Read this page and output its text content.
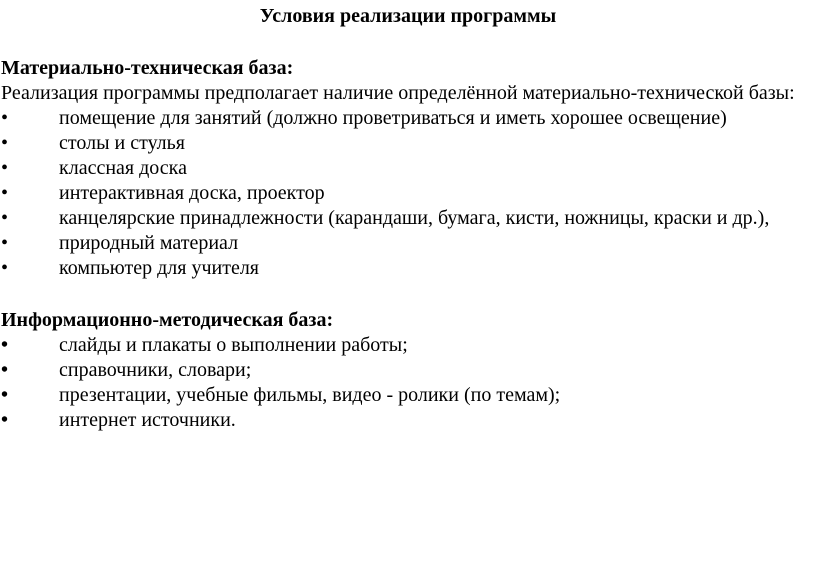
Условия реализации программы
Материально-техническая база:

Реализация программы предполагает наличие определённой материально-технической базы:

•	помещение для занятий (должно проветриваться и иметь хорошее освещение)
•	столы и стулья
•	классная доска
•	интерактивная доска, проектор
•	канцелярские принадлежности (карандаши, бумага, кисти, ножницы, краски и др.),
•	природный материал
•	компьютер для учителя
Информационно-методическая база:
•	слайды и плакаты о выполнении работы;
•	справочники, словари;
•	презентации, учебные фильмы, видео - ролики (по темам);
•	интернет источники.
